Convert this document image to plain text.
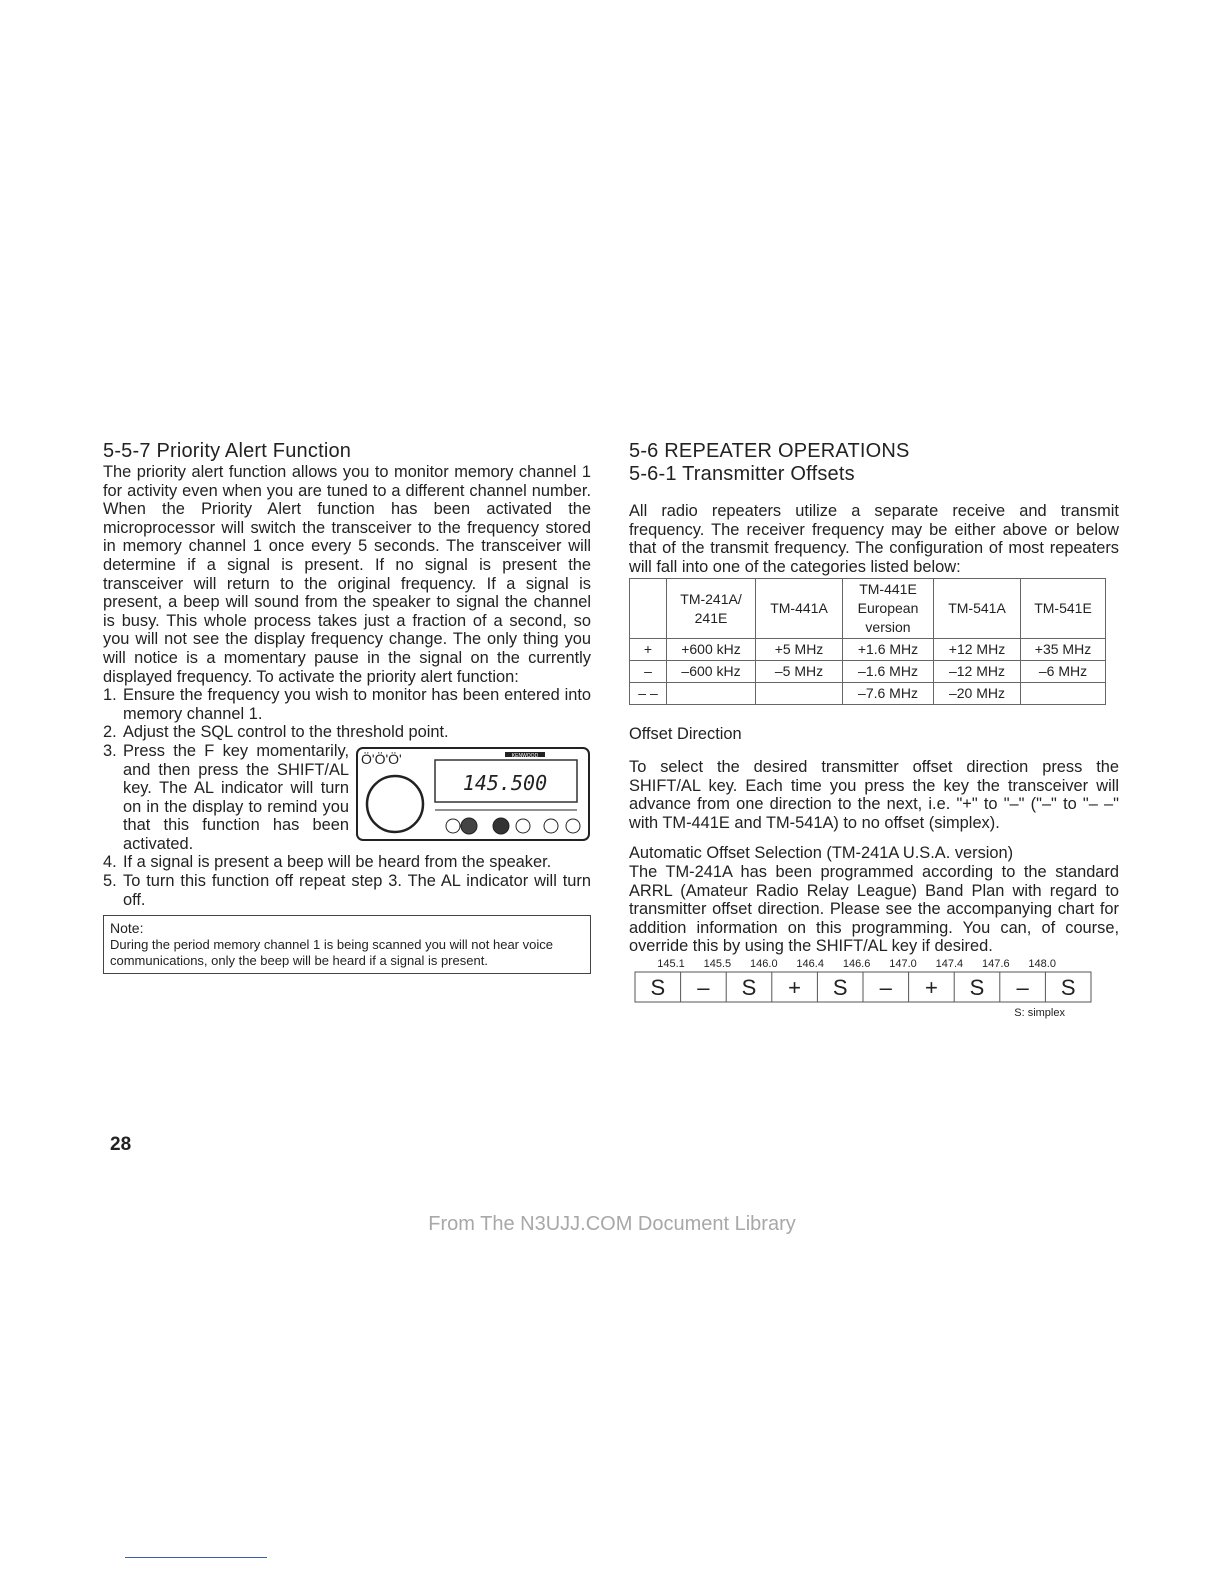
5-5-7 Priority Alert Function

The priority alert function allows you to monitor memory channel 1 for activity even when you are tuned to a different channel number. When the Priority Alert function has been activated the microprocessor will switch the transceiver to the frequency stored in memory channel 1 once every 5 seconds. The transceiver will determine if a signal is present. If no signal is present the transceiver will return to the original frequency. If a signal is present, a beep will sound from the speaker to signal the channel is busy. This whole process takes just a fraction of a second, so you will not see the display frequency change. The only thing you will notice is a momentary pause in the signal on the currently displayed frequency. To activate the priority alert function:

1. Ensure the frequency you wish to monitor has been entered into memory channel 1.
2. Adjust the SQL control to the threshold point.
KENWOOD
Ö'Ö'Ö'
145.500
3. Press the F key momentarily, and then press the SHIFT/AL key. The AL indicator will turn on in the display to remind you that this function has been activated.
4. If a signal is present a beep will be heard from the speaker.
5. To turn this function off repeat step 3. The AL indicator will turn off.
Note:
During the period memory channel 1 is being scanned you will not hear voice communications, only the beep will be heard if a signal is present.
5-6 REPEATER OPERATIONS
5-6-1 Transmitter Offsets

All radio repeaters utilize a separate receive and transmit frequency. The receiver frequency may be either above or below that of the transmit frequency. The configuration of most repeaters will fall into one of the categories listed below:

	TM-241A/ 241E	TM-441A	TM-441E European version	TM-541A	TM-541E
+	+600 kHz	+5 MHz	+1.6 MHz	+12 MHz	+35 MHz
–	–600 kHz	–5 MHz	–1.6 MHz	–12 MHz	–6 MHz
– –			–7.6 MHz	–20 MHz	

Offset Direction

To select the desired transmitter offset direction press the SHIFT/AL key. Each time you press the key the transceiver will advance from one direction to the next, i.e. "+" to "–" ("–" to "– –" with TM-441E and TM-541A) to no offset (simplex).

Automatic Offset Selection (TM-241A U.S.A. version)

The TM-241A has been programmed according to the standard ARRL (Amateur Radio Relay League) Band Plan with regard to transmitter offset direction. Please see the accompanying chart for addition information on this programming. You can, of course, override this by using the SHIFT/AL key if desired.

145.1 145.5 146.0 146.4 146.6 147.0 147.4 147.6 148.0
S – S + S – + S – S
S: simplex
28
From The N3UJJ.COM Document Library
